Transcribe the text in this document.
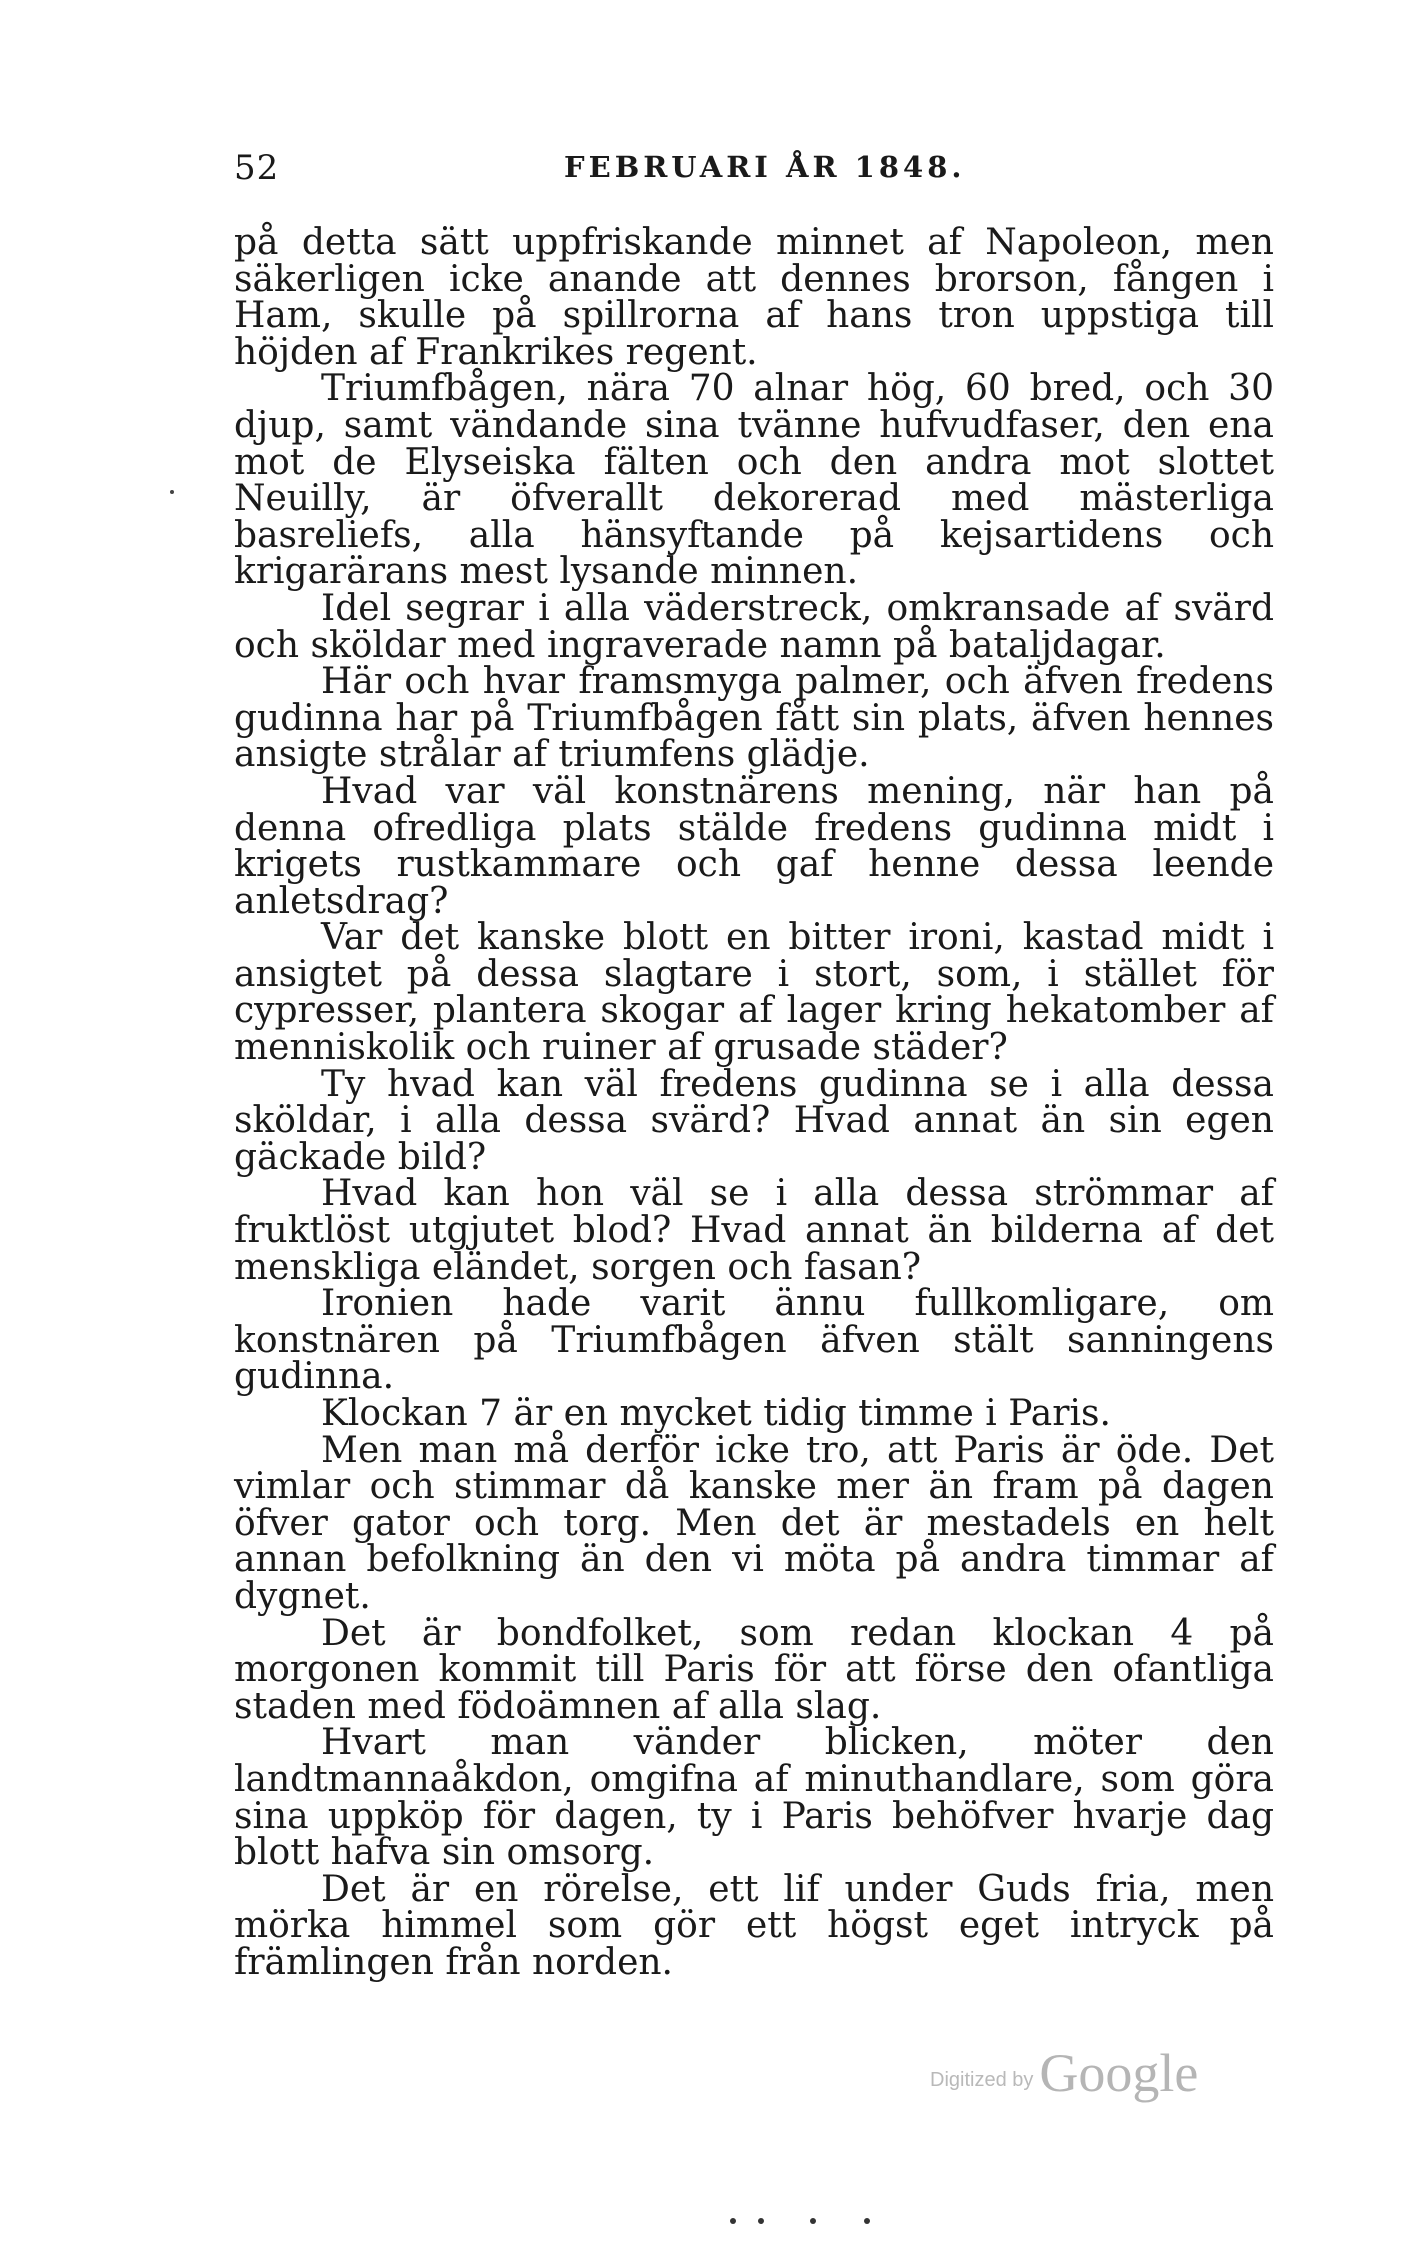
52	FEBRUARI ÅR 1848.

på detta sätt uppfriskande minnet af Napoleon, men säkerligen icke anande att dennes brorson, fången i Ham, skulle på spillrorna af hans tron uppstiga till höjden af Frankrikes regent.

Triumfbågen, nära 70 alnar hög, 60 bred, och 30 djup, samt vändande sina tvänne hufvudfaser, den ena mot de Elyseiska fälten och den andra mot slottet Neuilly, är öfverallt dekorerad med mästerliga basreliefs, alla hänsyftande på kejsartidens och krigarärans mest lysande minnen.

Idel segrar i alla väderstreck, omkransade af svärd och sköldar med ingraverade namn på bataljdagar.

Här och hvar framsmyga palmer, och äfven fredens gudinna har på Triumfbågen fått sin plats, äfven hennes ansigte strålar af triumfens glädje.

Hvad var väl konstnärens mening, när han på denna ofredliga plats stälde fredens gudinna midt i krigets rustkammare och gaf henne dessa leende anletsdrag?

Var det kanske blott en bitter ironi, kastad midt i ansigtet på dessa slagtare i stort, som, i stället för cypresser, plantera skogar af lager kring hekatomber af menniskolik och ruiner af grusade städer?

Ty hvad kan väl fredens gudinna se i alla dessa sköldar, i alla dessa svärd? Hvad annat än sin egen gäckade bild?

Hvad kan hon väl se i alla dessa strömmar af fruktlöst utgjutet blod? Hvad annat än bilderna af det menskliga eländet, sorgen och fasan?

Ironien hade varit ännu fullkomligare, om konstnären på Triumfbågen äfven stält sanningens gudinna.

Klockan 7 är en mycket tidig timme i Paris.

Men man må derför icke tro, att Paris är öde. Det vimlar och stimmar då kanske mer än fram på dagen öfver gator och torg. Men det är mestadels en helt annan befolkning än den vi möta på andra timmar af dygnet.

Det är bondfolket, som redan klockan 4 på morgonen kommit till Paris för att förse den ofantliga staden med födoämnen af alla slag.

Hvart man vänder blicken, möter den landtmannaåkdon, omgifna af minuthandlare, som göra sina uppköp för dagen, ty i Paris behöfver hvarje dag blott hafva sin omsorg.

Det är en rörelse, ett lif under Guds fria, men mörka himmel som gör ett högst eget intryck på främlingen från norden.

Digitized by Google
